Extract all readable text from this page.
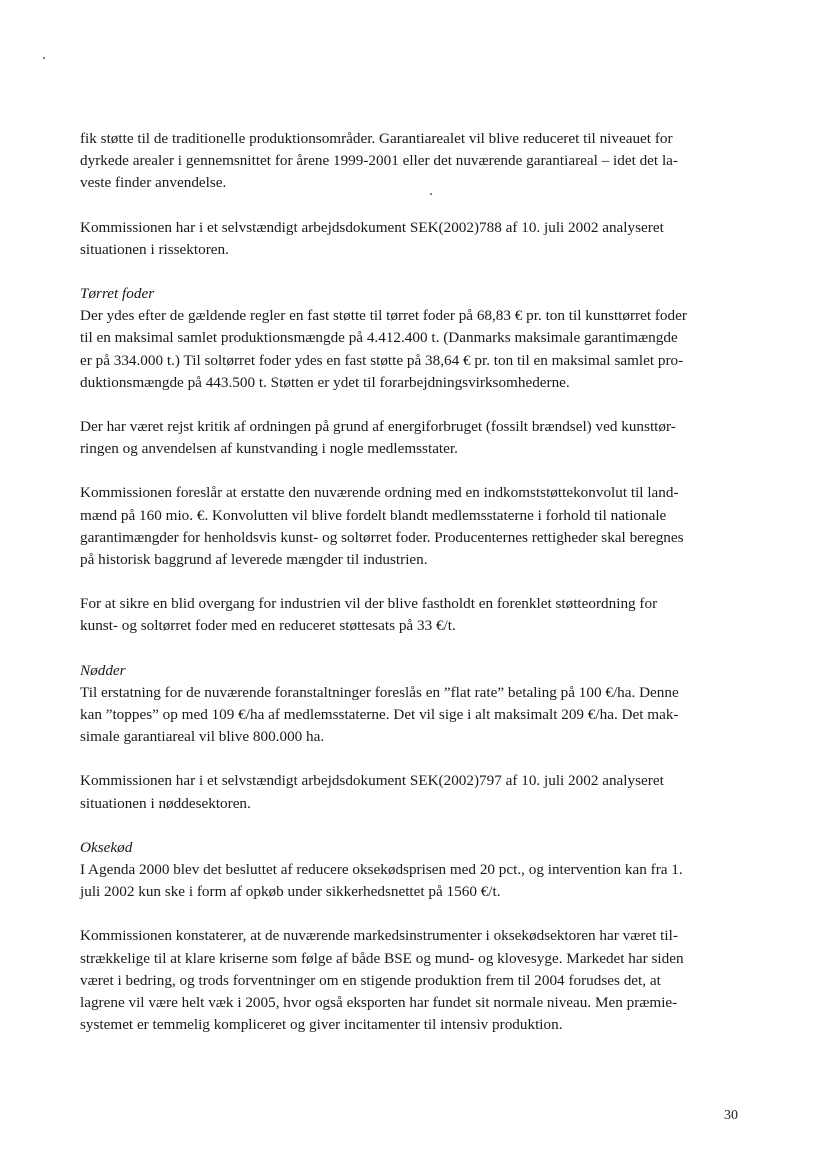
fik støtte til de traditionelle produktionsområder. Garantiarealet vil blive reduceret til niveauet for
dyrkede arealer i gennemsnittet for årene 1999-2001 eller det nuværende garantiareal – idet det la-
veste finder anvendelse.

Kommissionen har i et selvstændigt arbejdsdokument SEK(2002)788 af 10. juli 2002 analyseret
situationen i rissektoren.

Tørret foder
Der ydes efter de gældende regler en fast støtte til tørret foder på 68,83 € pr. ton til kunsttørret foder
til en maksimal samlet produktionsmængde på 4.412.400 t. (Danmarks maksimale garantimængde
er på 334.000 t.) Til soltørret foder ydes en fast støtte på 38,64 € pr. ton til en maksimal samlet pro-
duktionsmængde på 443.500 t. Støtten er ydet til forarbejdningsvirksomhederne.

Der har været rejst kritik af ordningen på grund af energiforbruget (fossilt brændsel) ved kunsttør-
ringen og anvendelsen af kunstvanding i nogle medlemsstater.

Kommissionen foreslår at erstatte den nuværende ordning med en indkomststøttekonvolut til land-
mænd på 160 mio. €. Konvolutten vil blive fordelt blandt medlemsstaterne i forhold til nationale
garantimængder for henholdsvis kunst- og soltørret foder. Producenternes rettigheder skal beregnes
på historisk baggrund af leverede mængder til industrien.

For at sikre en blid overgang for industrien vil der blive fastholdt en forenklet støtteordning for
kunst- og soltørret foder med en reduceret støttesats på 33 €/t.

Nødder
Til erstatning for de nuværende foranstaltninger foreslås en ”flat rate” betaling på 100 €/ha. Denne
kan ”toppes” op med 109 €/ha af medlemsstaterne. Det vil sige i alt maksimalt 209 €/ha. Det mak-
simale garantiareal vil blive 800.000 ha.

Kommissionen har i et selvstændigt arbejdsdokument SEK(2002)797 af 10. juli 2002 analyseret
situationen i nøddesektoren.

Oksekød
I Agenda 2000 blev det besluttet af reducere oksekødsprisen med 20 pct., og intervention kan fra 1.
juli 2002 kun ske i form af opkøb under sikkerhedsnettet på 1560 €/t.

Kommissionen konstaterer, at de nuværende markedsinstrumenter i oksekødsektoren har været til-
strækkelige til at klare kriserne som følge af både BSE og mund- og klovesyge. Markedet har siden
været i bedring, og trods forventninger om en stigende produktion frem til 2004 forudses det, at
lagrene vil være helt væk i 2005, hvor også eksporten har fundet sit normale niveau. Men præmie-
systemet er temmelig kompliceret og giver incitamenter til intensiv produktion.

30
